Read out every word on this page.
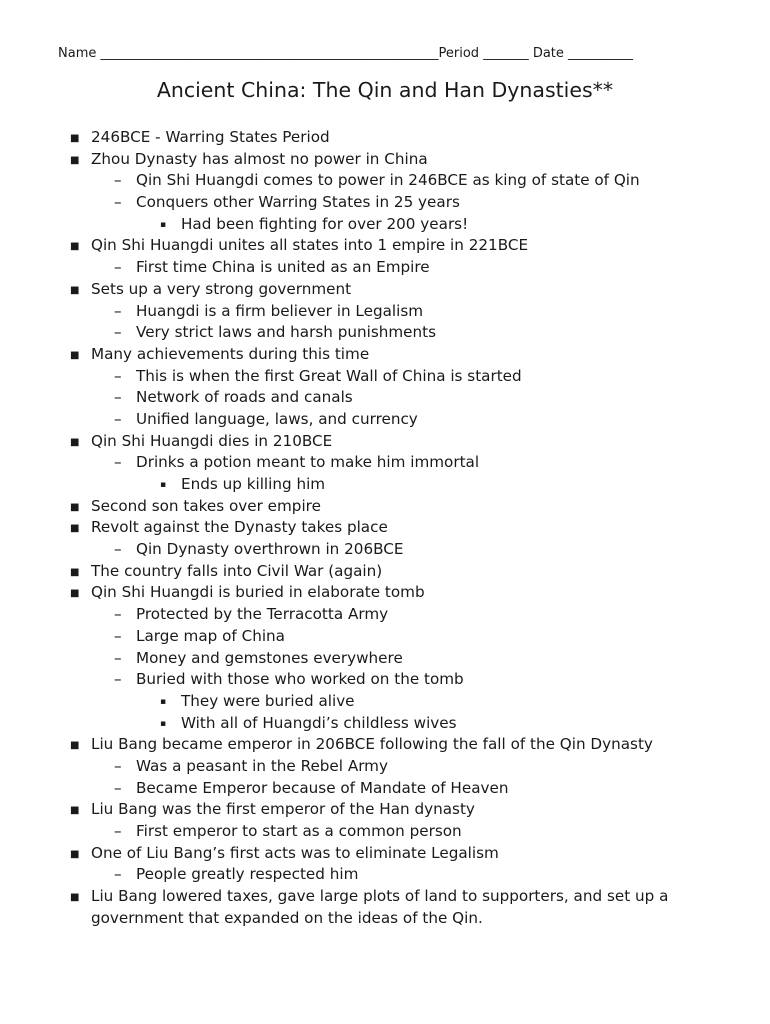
Name ____________________________________________________Period _______ Date __________
Ancient China: The Qin and Han Dynasties**
■ 246BCE - Warring States Period
■ Zhou Dynasty has almost no power in China
– Qin Shi Huangdi comes to power in 246BCE as king of state of Qin
– Conquers other Warring States in 25 years
▪ Had been fighting for over 200 years!
■ Qin Shi Huangdi unites all states into 1 empire in 221BCE
– First time China is united as an Empire
■ Sets up a very strong government
– Huangdi is a firm believer in Legalism
– Very strict laws and harsh punishments
■ Many achievements during this time
– This is when the first Great Wall of China is started
– Network of roads and canals
– Unified language, laws, and currency
■ Qin Shi Huangdi dies in 210BCE
– Drinks a potion meant to make him immortal
▪ Ends up killing him
■ Second son takes over empire
■ Revolt against the Dynasty takes place
– Qin Dynasty overthrown in 206BCE
■ The country falls into Civil War (again)
■ Qin Shi Huangdi is buried in elaborate tomb
– Protected by the Terracotta Army
– Large map of China
– Money and gemstones everywhere
– Buried with those who worked on the tomb
▪ They were buried alive
▪ With all of Huangdi’s childless wives
■ Liu Bang became emperor in 206BCE following the fall of the Qin Dynasty
– Was a peasant in the Rebel Army
– Became Emperor because of Mandate of Heaven
■ Liu Bang was the first emperor of the Han dynasty
– First emperor to start as a common person
■ One of Liu Bang’s first acts was to eliminate Legalism
– People greatly respected him
■ Liu Bang lowered taxes, gave large plots of land to supporters, and set up a
government that expanded on the ideas of the Qin.
